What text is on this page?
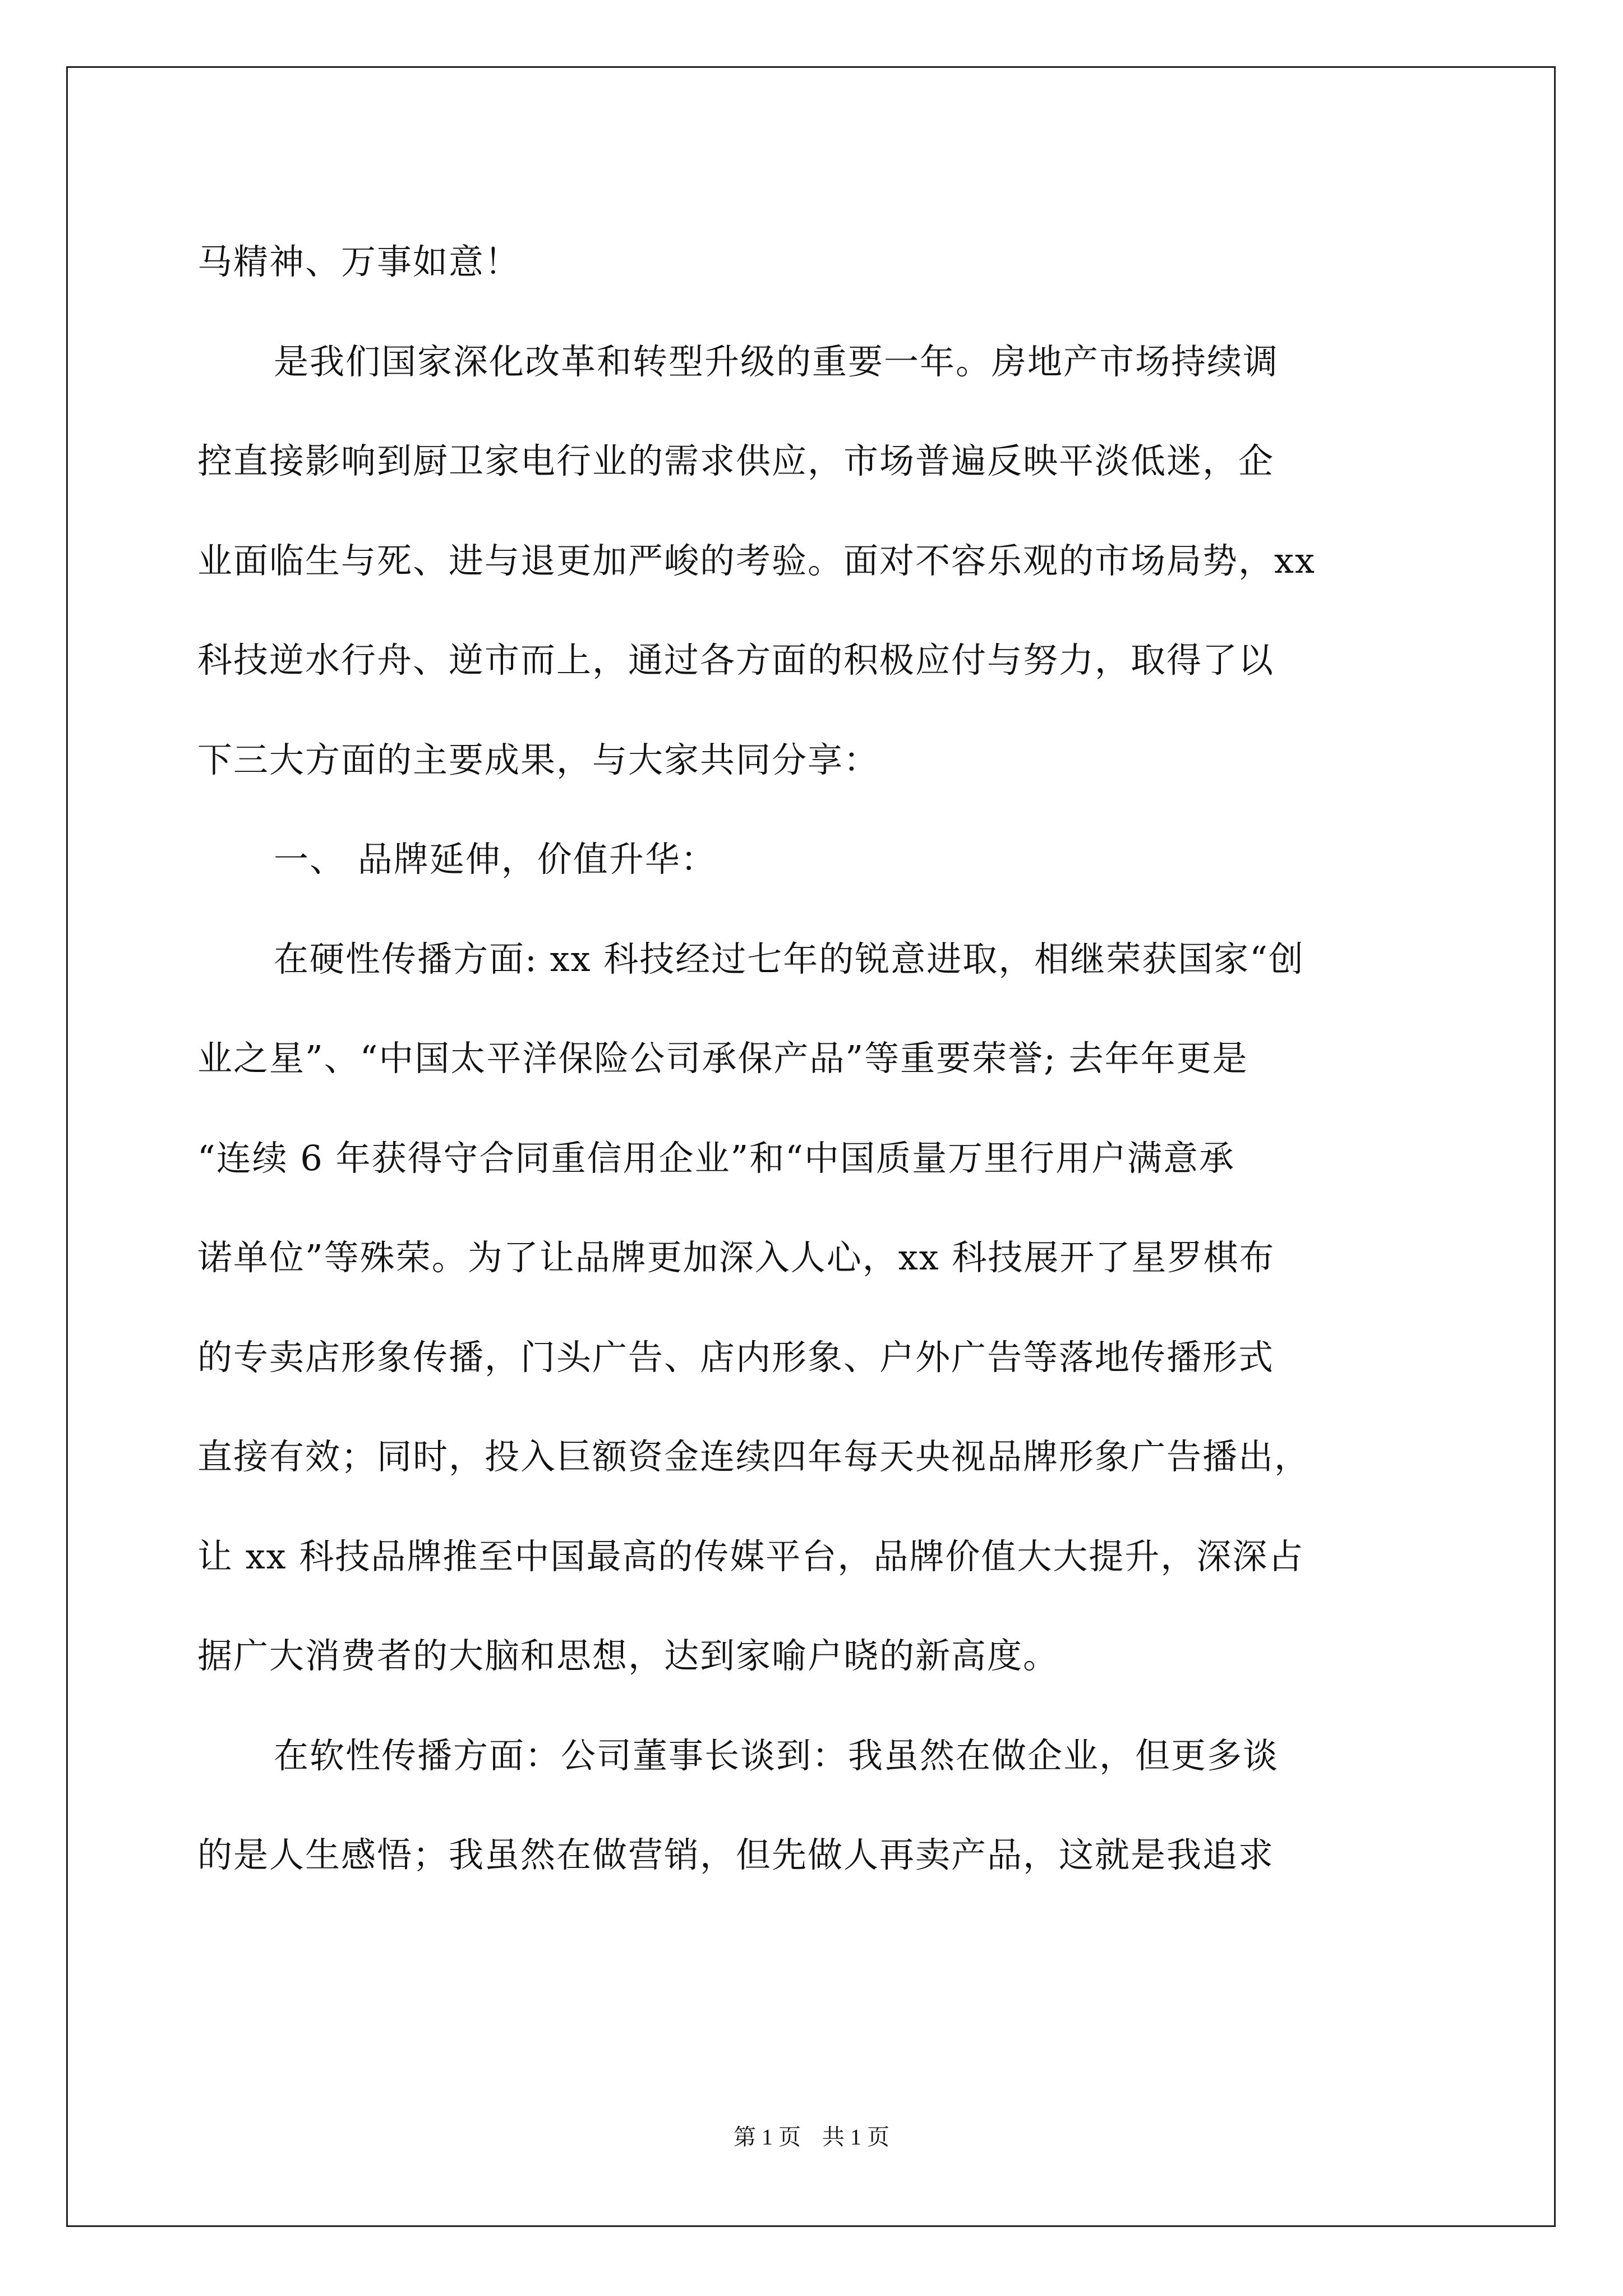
马精神、万事如意！
是我们国家深化改革和转型升级的重要一年。房地产市场持续调
控直接影响到厨卫家电行业的需求供应，市场普遍反映平淡低迷，企
业面临生与死、进与退更加严峻的考验。面对不容乐观的市场局势，xx
科技逆水行舟、逆市而上，通过各方面的积极应付与努力，取得了以
下三大方面的主要成果，与大家共同分享：
一、 品牌延伸，价值升华：
在硬性传播方面: xx 科技经过七年的锐意进取，相继荣获国家“创
业之星”、“中国太平洋保险公司承保产品”等重要荣誉; 去年年更是
“连续 6 年获得守合同重信用企业”和“中国质量万里行用户满意承
诺单位”等殊荣。为了让品牌更加深入人心，xx 科技展开了星罗棋布
的专卖店形象传播，门头广告、店内形象、户外广告等落地传播形式
直接有效；同时，投入巨额资金连续四年每天央视品牌形象广告播出，
让 xx 科技品牌推至中国最高的传媒平台，品牌价值大大提升，深深占
据广大消费者的大脑和思想，达到家喻户晓的新高度。
在软性传播方面：公司董事长谈到：我虽然在做企业，但更多谈
的是人生感悟；我虽然在做营销，但先做人再卖产品，这就是我追求
第 1 页 共 1 页
